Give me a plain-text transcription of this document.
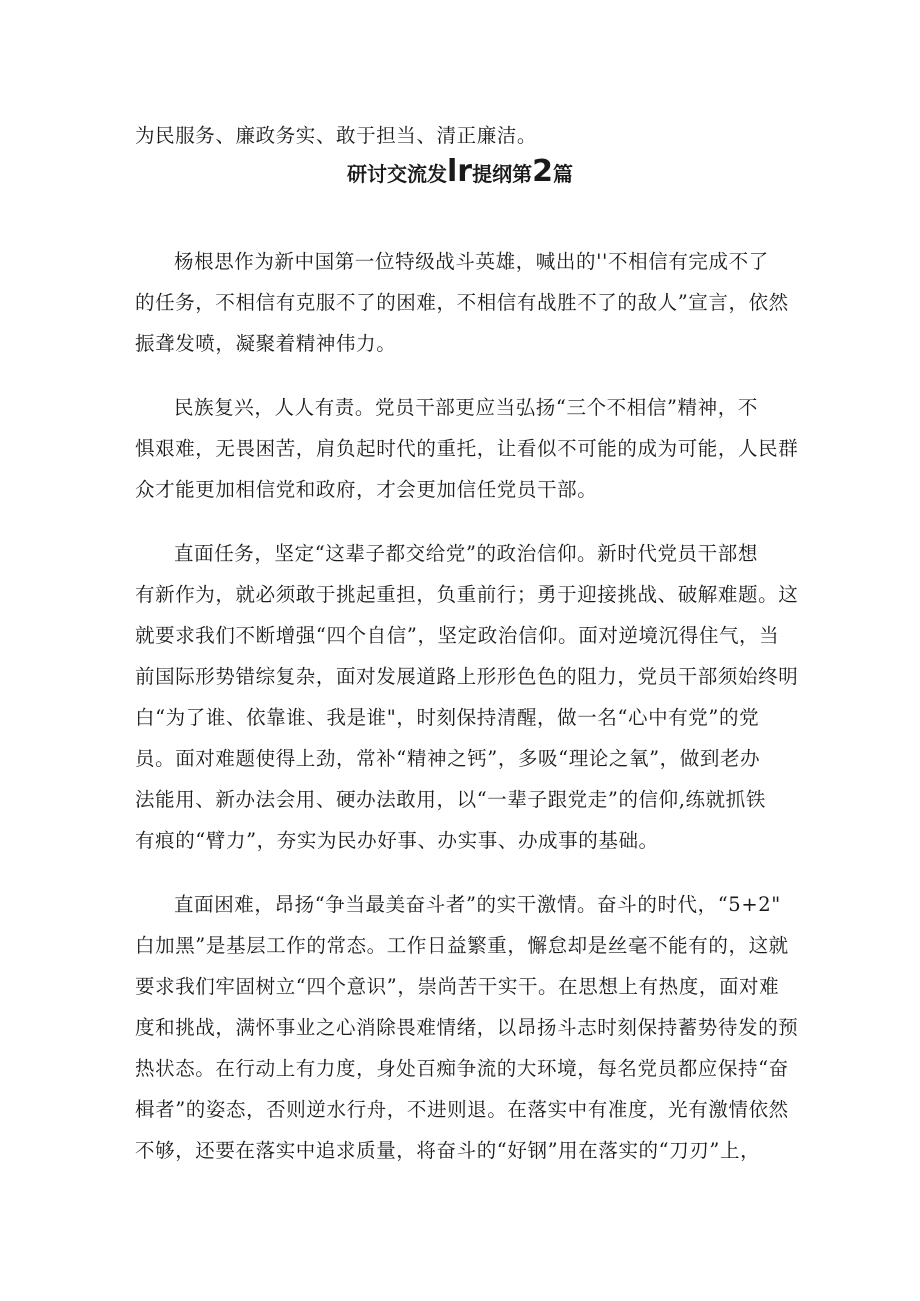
为民服务、廉政务实、敢于担当、清正廉洁。
研讨交流发lr提纲第2篇
杨根思作为新中国第一位特级战斗英雄，喊出的''不相信有完成不了
的任务，不相信有克服不了的困难，不相信有战胜不了的敌人”宣言，依然
振聋发喷，凝聚着精神伟力。
民族复兴，人人有责。党员干部更应当弘扬“三个不相信”精神，不
惧艰难，无畏困苦，肩负起时代的重托，让看似不可能的成为可能，人民群
众才能更加相信党和政府，才会更加信任党员干部。
直面任务，坚定“这辈子都交给党”的政治信仰。新时代党员干部想
有新作为，就必须敢于挑起重担，负重前行；勇于迎接挑战、破解难题。这
就要求我们不断增强“四个自信”，坚定政治信仰。面对逆境沉得住气，当
前国际形势错综复杂，面对发展道路上形形色色的阻力，党员干部须始终明
白“为了谁、依靠谁、我是谁"，时刻保持清醒，做一名“心中有党”的党
员。面对难题使得上劲，常补“精神之钙”，多吸“理论之氧”，做到老办
法能用、新办法会用、硬办法敢用，以“一辈子跟党走”的信仰,练就抓铁
有痕的“臂力”，夯实为民办好事、办实事、办成事的基础。
直面困难，昂扬“争当最美奋斗者”的实干激情。奋斗的时代，“5+2"
白加黑”是基层工作的常态。工作日益繁重，懈怠却是丝毫不能有的，这就
要求我们牢固树立“四个意识”，崇尚苦干实干。在思想上有热度，面对难
度和挑战，满怀事业之心消除畏难情绪，以昂扬斗志时刻保持蓄势待发的预
热状态。在行动上有力度，身处百痴争流的大环境，每名党员都应保持“奋
楫者”的姿态，否则逆水行舟，不进则退。在落实中有准度，光有激情依然
不够，还要在落实中追求质量，将奋斗的“好钢”用在落实的“刀刃”上，
